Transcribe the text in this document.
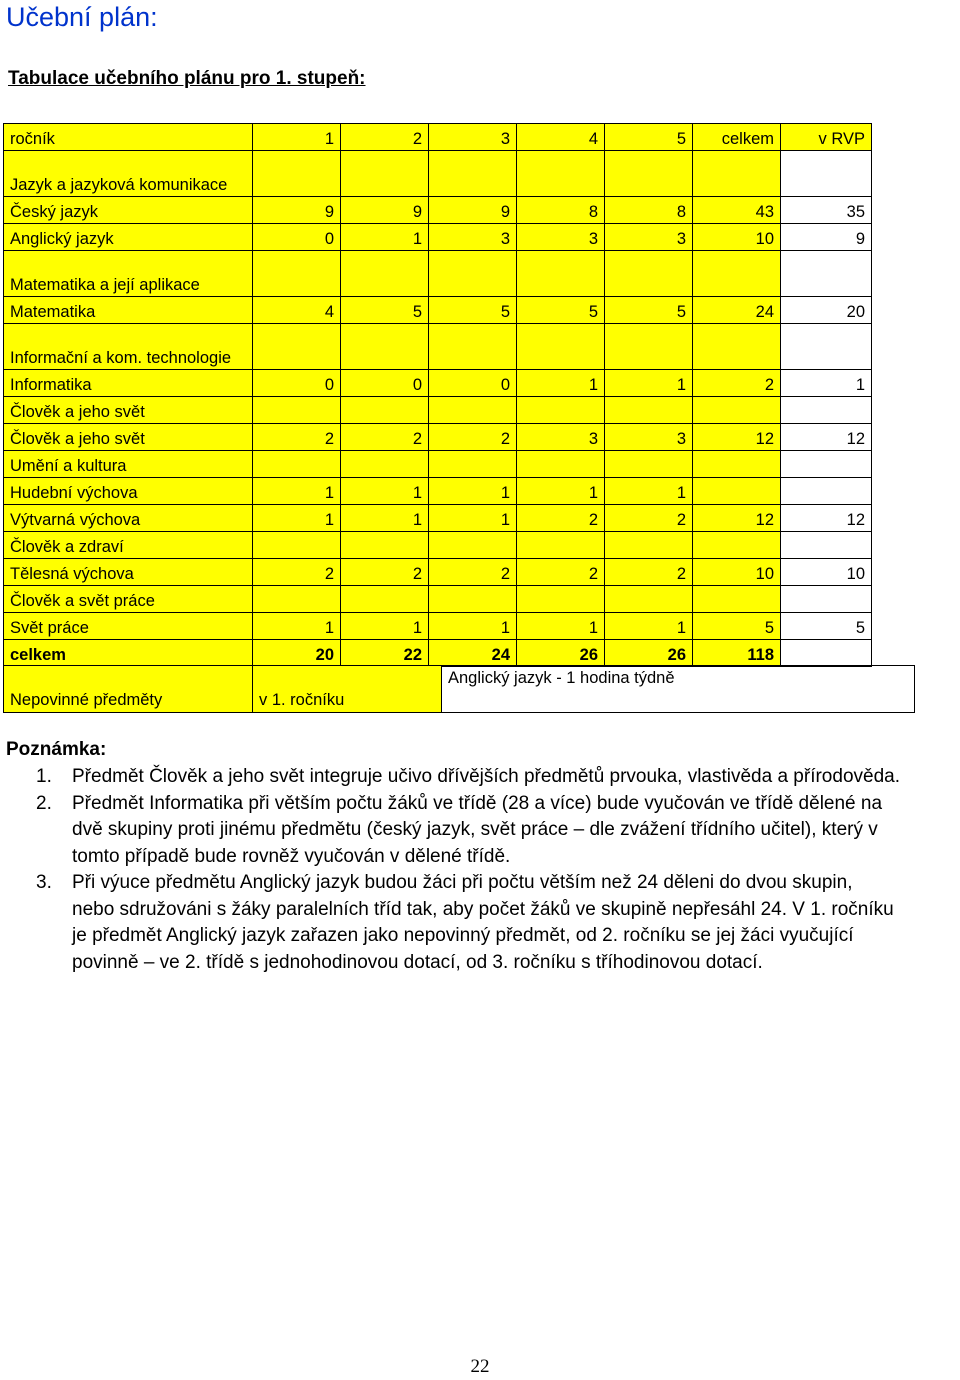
Učební plán:
Tabulace učebního plánu pro 1. stupeň:
ročník	1	2	3	4	5	celkem	v RVP
Jazyk a jazyková komunikace							
Český jazyk	9	9	9	8	8	43	35
Anglický jazyk	0	1	3	3	3	10	9
Matematika a její aplikace							
Matematika	4	5	5	5	5	24	20
Informační a kom. technologie							
Informatika	0	0	0	1	1	2	1
Člověk a jeho svět							
Člověk a jeho svět	2	2	2	3	3	12	12
Umění a kultura							
Hudební výchova	1	1	1	1	1		
Výtvarná výchova	1	1	1	2	2	12	12
Člověk a zdraví							
Tělesná výchova	2	2	2	2	2	10	10
Člověk a svět práce							
Svět práce	1	1	1	1	1	5	5
celkem	20	22	24	26	26	118	
Nepovinné předměty	v 1. ročníku	Anglický jazyk - 1 hodina týdně
Poznámka:
1. Předmět Člověk a jeho svět integruje učivo dřívějších předmětů prvouka, vlastivěda a přírodověda.
2. Předmět Informatika při větším počtu žáků ve třídě (28 a více) bude vyučován ve třídě dělené na dvě skupiny proti jinému předmětu (český jazyk, svět práce – dle zvážení třídního učitel), který v tomto případě bude rovněž vyučován v dělené třídě.
3. Při výuce předmětu Anglický jazyk budou žáci při počtu větším než 24 děleni do dvou skupin, nebo sdružováni s žáky paralelních tříd tak, aby počet žáků ve skupině nepřesáhl 24. V 1. ročníku je předmět Anglický jazyk zařazen jako nepovinný předmět, od 2. ročníku se jej žáci vyučující povinně – ve 2. třídě s jednohodinovou dotací, od 3. ročníku s tříhodinovou dotací.
22
